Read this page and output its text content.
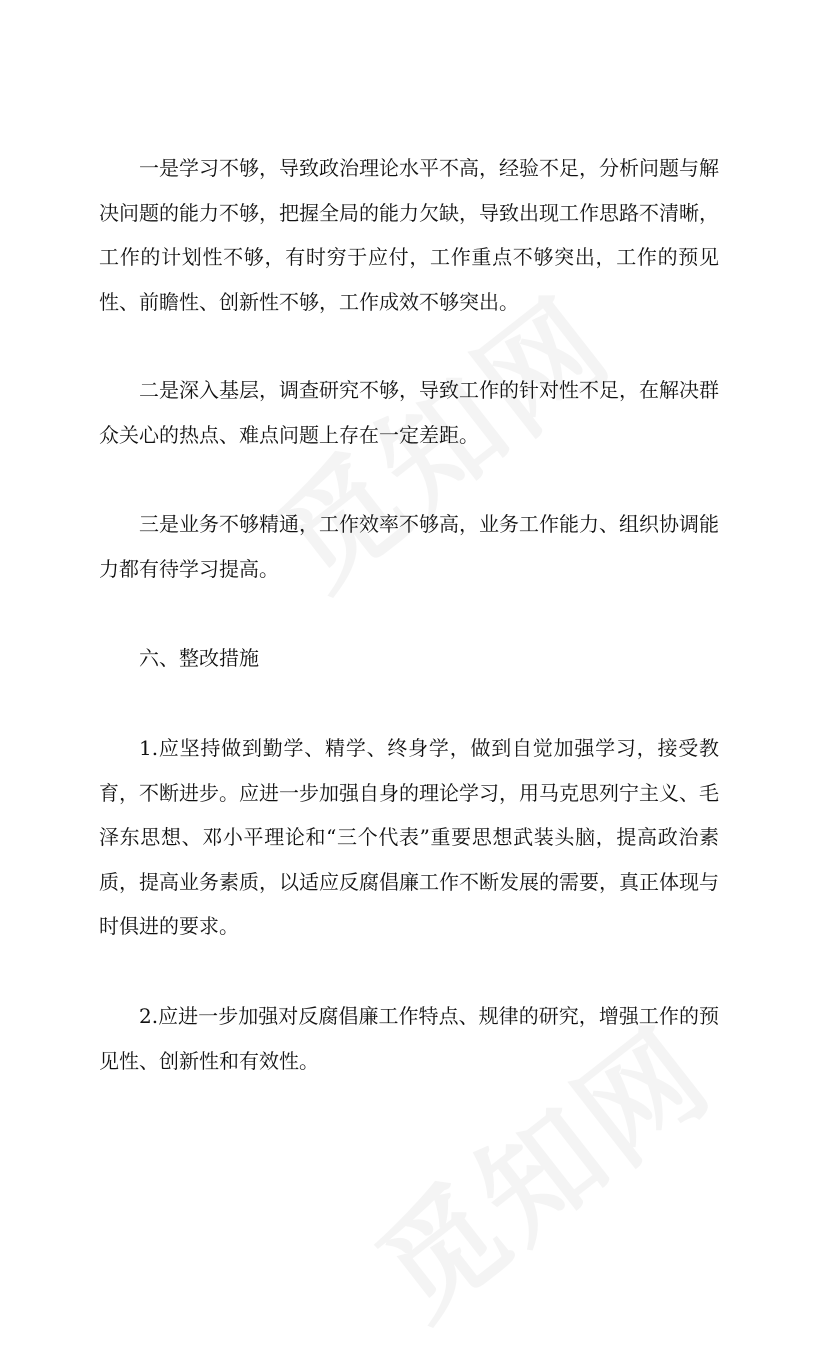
一是学习不够，导致政治理论水平不高，经验不足，分析问题与解决问题的能力不够，把握全局的能力欠缺，导致出现工作思路不清晰，工作的计划性不够，有时穷于应付，工作重点不够突出，工作的预见性、前瞻性、创新性不够，工作成效不够突出。

二是深入基层，调查研究不够，导致工作的针对性不足，在解决群众关心的热点、难点问题上存在一定差距。

三是业务不够精通，工作效率不够高，业务工作能力、组织协调能力都有待学习提高。

六、整改措施

1.应坚持做到勤学、精学、终身学，做到自觉加强学习，接受教育，不断进步。应进一步加强自身的理论学习，用马克思列宁主义、毛泽东思想、邓小平理论和“三个代表”重要思想武装头脑，提高政治素质，提高业务素质，以适应反腐倡廉工作不断发展的需要，真正体现与时俱进的要求。

2.应进一步加强对反腐倡廉工作特点、规律的研究，增强工作的预见性、创新性和有效性。
